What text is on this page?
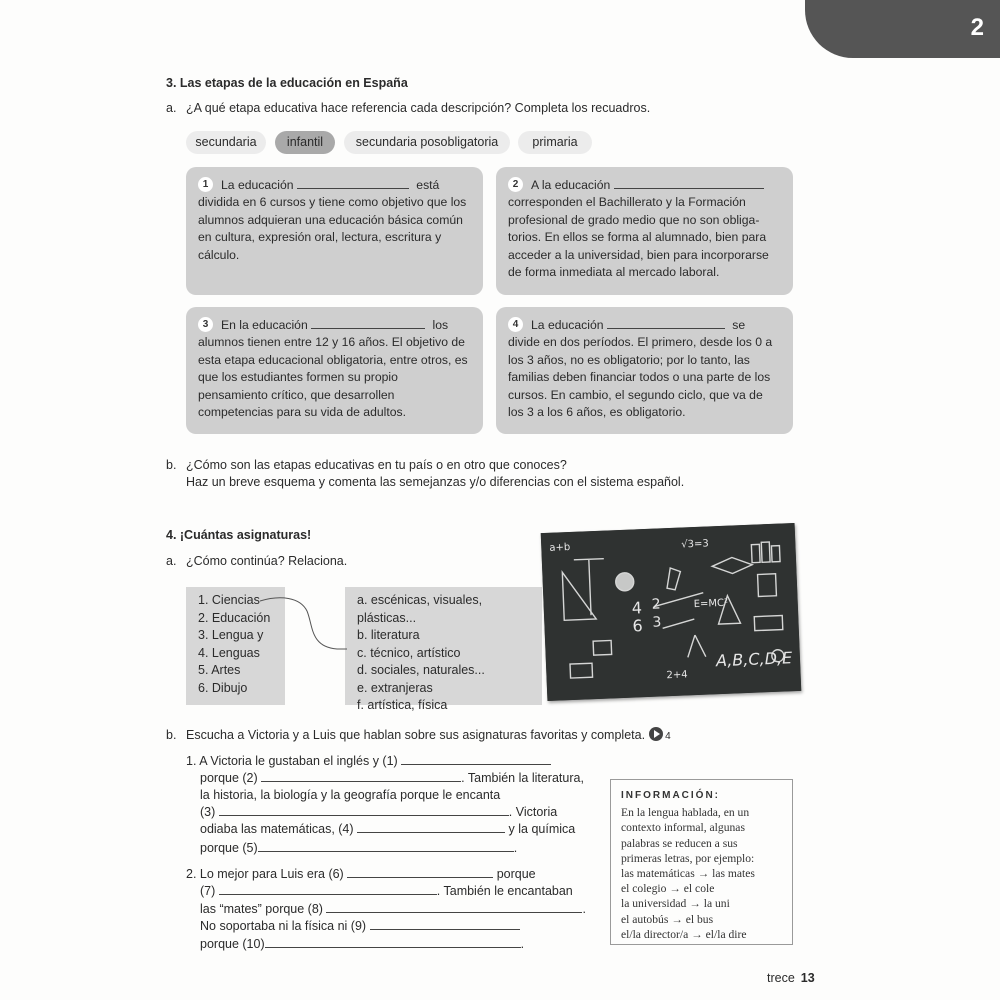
2
3. Las etapas de la educación en España
a. ¿A qué etapa educativa hace referencia cada descripción? Completa los recuadros.
secundaria	infantil	secundaria posobligatoria	primaria
1 La educación	está
dividida en 6 cursos y tiene como objetivo que los alumnos adquieran una educación básica común en cultura, expresión oral, lectura, escritura y cálculo.
2 A la educación
corresponden el Bachillerato y la Formación profesional de grado medio que no son obliga-torios. En ellos se forma al alumnado, bien para acceder a la universidad, bien para incorporarse de forma inmediata al mercado laboral.
3 En la educación	los
alumnos tienen entre 12 y 16 años. El objetivo de esta etapa educacional obligatoria, entre otros, es que los estudiantes formen su propio pensamiento crítico, que desarrollen competencias para su vida de adultos.
4 La educación	se
divide en dos períodos. El primero, desde los 0 a los 3 años, no es obligatorio; por lo tanto, las familias deben financiar todos o una parte de los cursos. En cambio, el segundo ciclo, que va de los 3 a los 6 años, es obligatorio.
b. ¿Cómo son las etapas educativas en tu país o en otro que conoces?
Haz un breve esquema y comenta las semejanzas y/o diferencias con el sistema español.
4. ¡Cuántas asignaturas!
a. ¿Cómo continúa? Relaciona.
1. Ciencias
2. Educación
3. Lengua y
4. Lenguas
5. Artes
6. Dibujo
a. escénicas, visuales, plásticas...
b. literatura
c. técnico, artístico
d. sociales, naturales...
e. extranjeras
f. artística, física
a+b	√3=3
4
6
2
3
E=MC²
A,B,C,D,E
2+4
b. Escucha a Victoria y a Luis que hablan sobre sus asignaturas favoritas y completa. 4
1. A Victoria le gustaban el inglés y (1)
porque (2)	. También la literatura,
la historia, la biología y la geografía porque le encanta
(3)	. Victoria
odiaba las matemáticas, (4)	y la química
porque (5)	.
2. Lo mejor para Luis era (6)	porque
(7)	. También le encantaban
las “mates” porque (8)	.
No soportaba ni la física ni (9)
porque (10)	.
INFORMACIÓN:
En la lengua hablada, en un
contexto informal, algunas
palabras se reducen a sus
primeras letras, por ejemplo:
las matemáticas → las mates
el colegio → el cole
la universidad → la uni
el autobús → el bus
el/la director/a → el/la dire
trece 13
